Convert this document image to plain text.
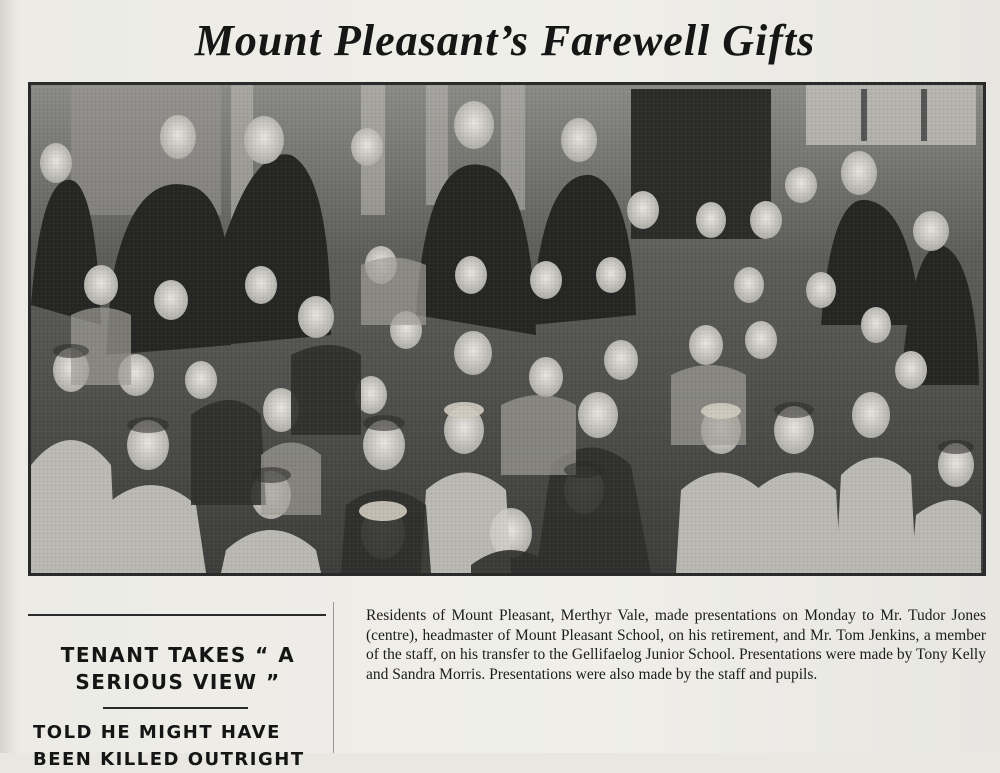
Mount Pleasant’s Farewell Gifts
TENANT TAKES “ A SERIOUS VIEW ”
TOLD HE MIGHT HAVE
BEEN KILLED OUTRIGHT

Residents of Mount Pleasant, Merthyr Vale, made presentations on Monday to Mr. Tudor Jones (centre), headmaster of Mount Pleasant School, on his retirement, and Mr. Tom Jenkins, a member of the staff, on his transfer to the Gellifaelog Junior School. Presentations were made by Tony Kelly and Sandra Morris. Presentations were also made by the staff and pupils.
